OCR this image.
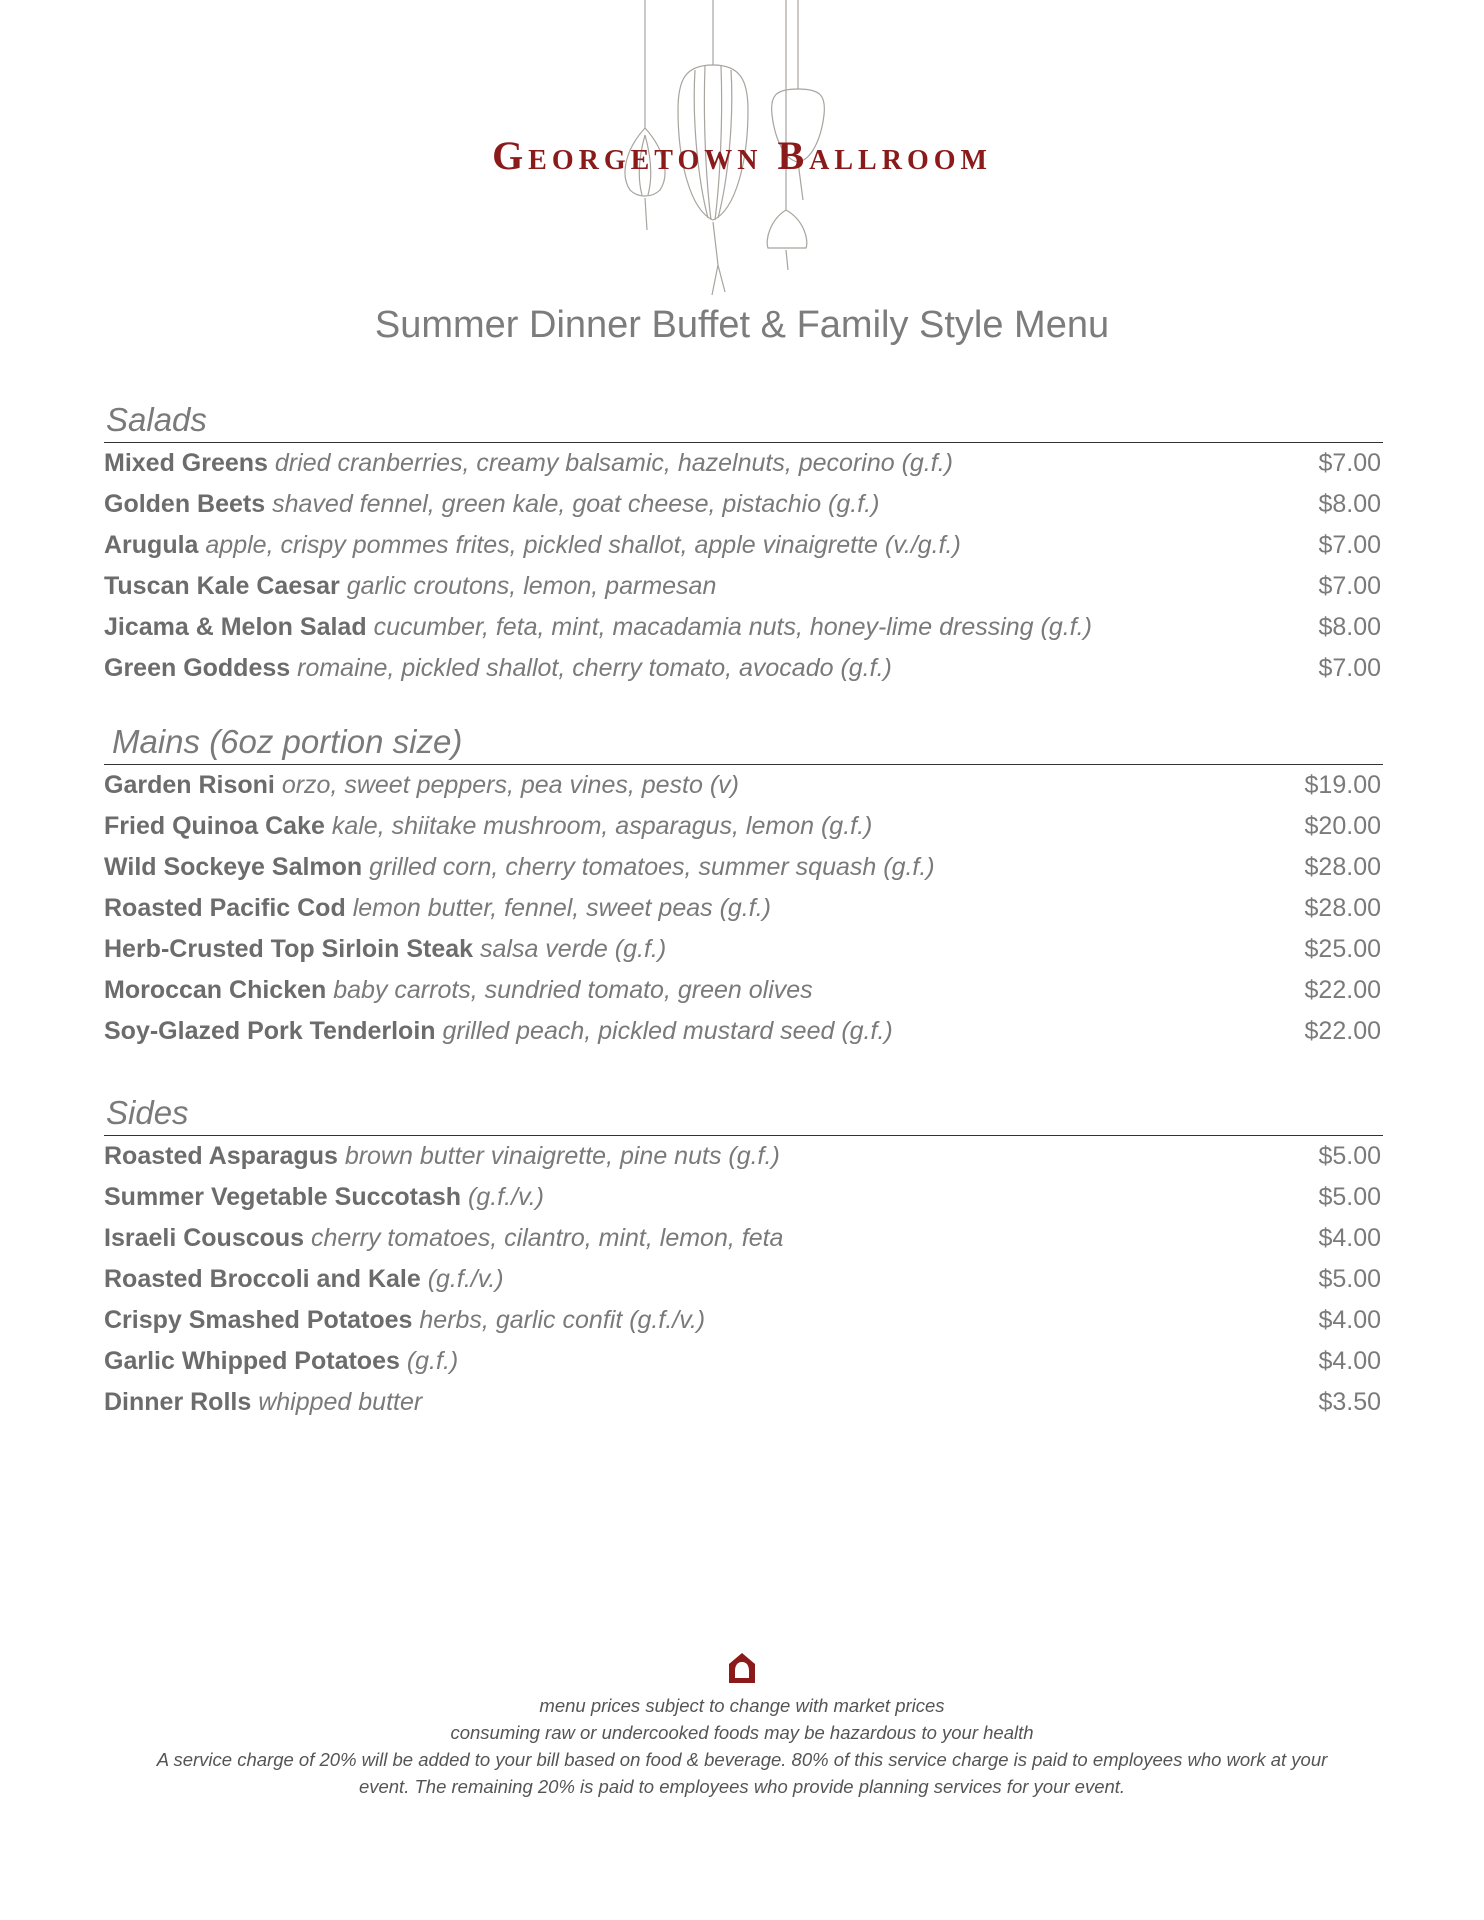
Georgetown Ballroom
Summer Dinner Buffet & Family Style Menu
Salads
Mixed Greens dried cranberries, creamy balsamic, hazelnuts, pecorino (g.f.)	$7.00
Golden Beets shaved fennel, green kale, goat cheese, pistachio (g.f.)	$8.00
Arugula apple, crispy pommes frites, pickled shallot, apple vinaigrette (v./g.f.)	$7.00
Tuscan Kale Caesar garlic croutons, lemon, parmesan	$7.00
Jicama & Melon Salad cucumber, feta, mint, macadamia nuts, honey-lime dressing (g.f.)	$8.00
Green Goddess romaine, pickled shallot, cherry tomato, avocado (g.f.)	$7.00
Mains (6oz portion size)
Garden Risoni orzo, sweet peppers, pea vines, pesto (v)	$19.00
Fried Quinoa Cake kale, shiitake mushroom, asparagus, lemon (g.f.)	$20.00
Wild Sockeye Salmon grilled corn, cherry tomatoes, summer squash (g.f.)	$28.00
Roasted Pacific Cod lemon butter, fennel, sweet peas (g.f.)	$28.00
Herb-Crusted Top Sirloin Steak salsa verde (g.f.)	$25.00
Moroccan Chicken baby carrots, sundried tomato, green olives	$22.00
Soy-Glazed Pork Tenderloin grilled peach, pickled mustard seed (g.f.)	$22.00
Sides
Roasted Asparagus brown butter vinaigrette, pine nuts (g.f.)	$5.00
Summer Vegetable Succotash (g.f./v.)	$5.00
Israeli Couscous cherry tomatoes, cilantro, mint, lemon, feta	$4.00
Roasted Broccoli and Kale (g.f./v.)	$5.00
Crispy Smashed Potatoes herbs, garlic confit (g.f./v.)	$4.00
Garlic Whipped Potatoes (g.f.)	$4.00
Dinner Rolls whipped butter	$3.50
menu prices subject to change with market prices
consuming raw or undercooked foods may be hazardous to your health
A service charge of 20% will be added to your bill based on food & beverage. 80% of this service charge is paid to employees who work at your
event. The remaining 20% is paid to employees who provide planning services for your event.
